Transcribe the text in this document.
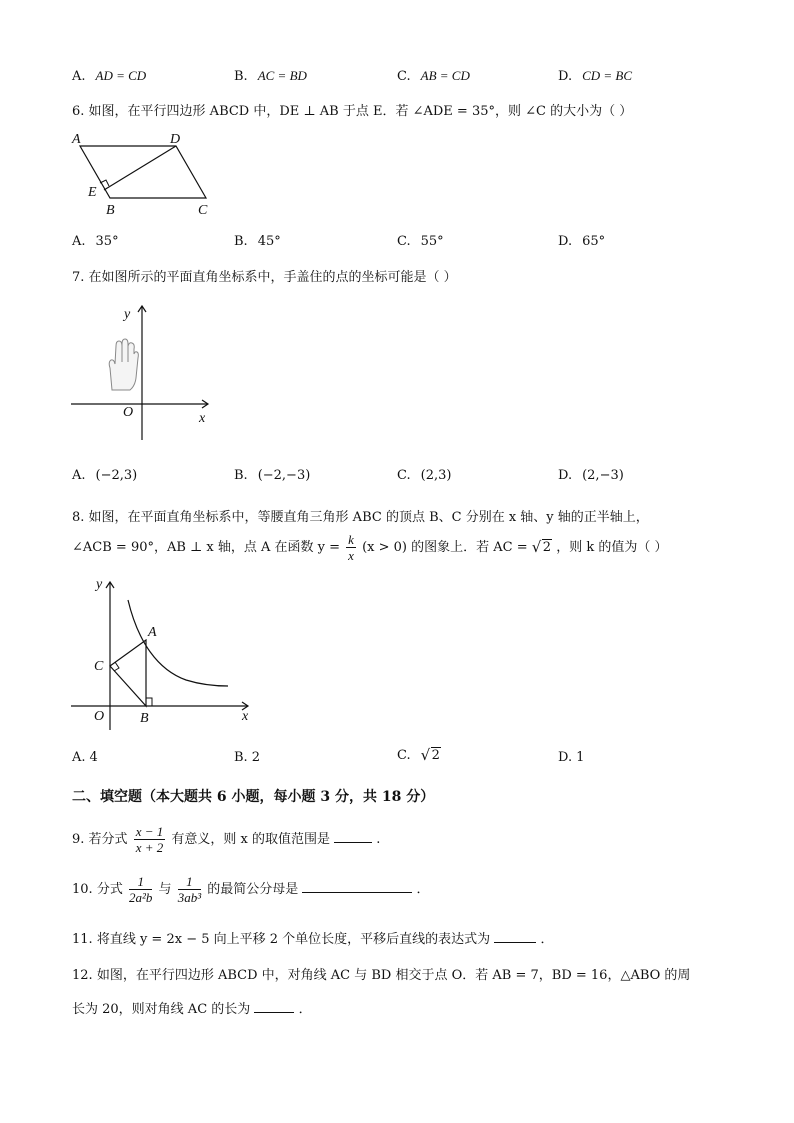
A. AD = CD	B. AC = BD	C. AB = CD	D. CD = BC
6. 如图，在平行四边形 ABCD 中，DE ⊥ AB 于点 E．若 ∠ADE = 35°，则 ∠C 的大小为（ ）
A	D
E
B	C
A. 35°	B. 45°	C. 55°	D. 65°
7. 在如图所示的平面直角坐标系中，手盖住的点的坐标可能是（ ）
y
x
O
A. (−2,3)	B. (−2,−3)	C. (2,3)	D. (2,−3)
8. 如图，在平面直角坐标系中，等腰直角三角形 ABC 的顶点 B、C 分别在 x 轴、y 轴的正半轴上，
∠ACB = 90°，AB ⊥ x 轴，点 A 在函数 $y = \frac{k}{x} (x > 0)$ 的图象上．若 AC = √ 2 ，则 k 的值为（ ）
y
x
O
A
B
C
A. 4	B. 2	C. √ 2	D. 1
二、填空题（本大题共 6 小题，每小题 3 分，共 18 分）
9. 若分式 $\frac{x - 1}{x + 2}$ 有意义，则 x 的取值范围是	.
10. 分式 $\frac{1}{\text{2a²b}}$ 与 $\frac{1}{\text{3ab³}}$ 的最简公分母是	．
11. 将直线 y = 2x − 5 向上平移 2 个单位长度，平移后直线的表达式为	．
12. 如图，在平行四边形 ABCD 中，对角线 AC 与 BD 相交于点 O．若 AB = 7，BD = 16，△ABO 的周
长为 20，则对角线 AC 的长为	．
